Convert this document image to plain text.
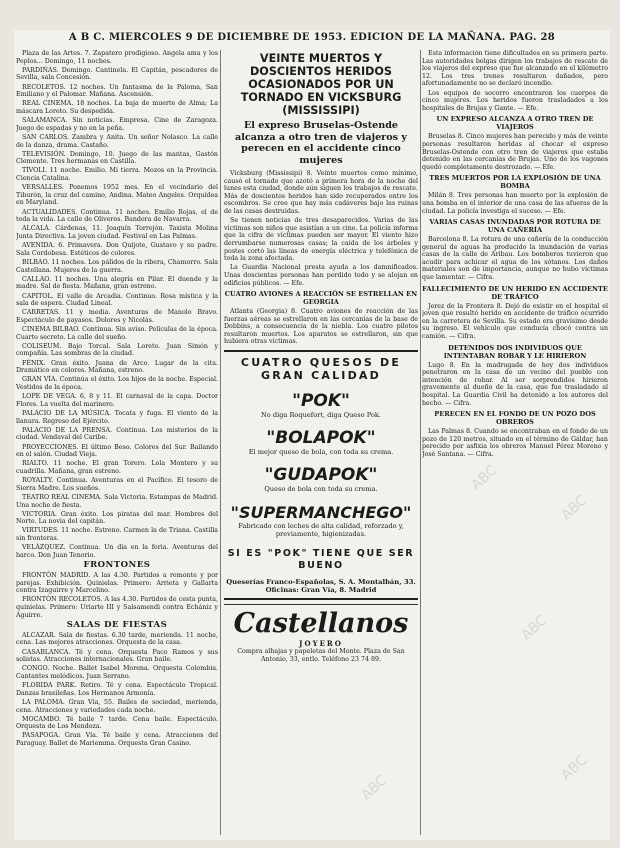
A B C. MIERCOLES 9 DE DICIEMBRE DE 1953. EDICION DE LA MAÑANA. PAG. 28

Plaza de las Artes. 7. Zapatero prodigioso. Angela ama y los Peplos... Domingo, 11 noches.

PARDIÑAS. Domingo. Cantinela. El Capitán, pescadores de Sevilla, sala Concesión.

RECOLETOS. 12 noches. Un fantasma de la Paloma, San Emiliano y el Palomar. Mañana. Ascensión.

REAL CINEMA. 18 noches. La baja de muerte de Alma; La máscara Loreto. Su despedida.

SALAMANCA. Sin noticias. Empresa. Cine de Zaragoza. Juego de espadas y no en la peña.

SAN CARLOS. Zambra y Anita. Un señor Nolasco. La calle de la danza, drama. Castaño.

TELEVISIÓN. Domingo, 10. Juego de las mantas, Gastón Clemente. Tres hermanas en Castilla.

TÍVOLI. 11 noche. Emilio. Mi tierra. Mozos en la Provincia. Ciencia Catalina.

VERSALLES. Ponemos 1952 mes. En el vecindario del Tiburón, la cruz del camino, Andina. Mateo Angeles. Orquídea en Maryland.

ACTUALIDADES. Continua. 11 noches. Emilio Rojas, el de toda la vida. La calle de Oliveros. Bandera de Navarra.

ALCALÁ. Cárdenas, 11. Joaquín Torrejón. Taxista Molina Junta Directiva. La joven ciudad. Festival en Las Palmas.

AVENIDA. 6. Primavera. Don Quijote, Gustavo y su padre. Sala Cordobesa. Estéticos de colores.

BILBAO. 11 noches. Los pálidos de la ribera, Chamorro. Sala Castellana. Mujeres de la guerra.

CALLAO. 11 noches. Una alegría en Pilar. El duende y la madre. Sal de fiesta. Mañana, gran estreno.

CAPITOL. El valle de Arcadia. Continuo. Rosa mística y la sala de espera. Ciudad Lineal.

CARRETAS. 11 y media. Aventuras de Manolo Bravo. Espectáculo de payasos. Dolores y Nicolás.

CINEMA BILBAO. Continua. Sin aviso. Películas de la época. Cuarto secreto. La calle del sueño.

COLISEUM. Bajo Torcal. Sala Loreto. Juan Simón y compañía. Las sombras de la ciudad.

FÉNIX. Gran éxito. Juana de Arco. Lugar de la cita. Dramático en colores. Mañana, estreno.

GRAN VÍA. Continúa el éxito. Los hijos de la noche. Especial. Vestidos de la época.

LOPE DE VEGA. 6, 8 y 11. El carnaval de la capa. Doctor Flores. La vuelta del marinero.

PALACIO DE LA MÚSICA. Tocata y fuga. El viento de la llanura. Regreso del Ejército.

PALACIO DE LA PRENSA. Continua. Los misterios de la ciudad. Vendaval del Caribe.

PROYECCIONES. El último Beso. Colores del Sur. Bailando en el salón. Ciudad Vieja.

RIALTO. 11 noche. El gran Torero. Lola Montero y su cuadrilla. Mañana, gran estreno.

ROYALTY. Continua. Aventuras en el Pacífico. El tesoro de Sierra Madre. Los sueños.

TEATRO REAL CINEMA. Sala Victoria. Estampas de Madrid. Una noche de fiesta.

VICTORIA. Gran éxito. Los piratas del mar. Hombres del Norte. La novia del capitán.

VIRTUDES. 11 noche. Estreno. Carmen la de Triana. Castilla sin fronteras.

VELÁZQUEZ. Continua. Un día en la feria. Aventuras del barco. Don Juan Tenorio.

FRONTONES

FRONTÓN MADRID. A las 4.30. Partidos a remonte y por parejas. Exhibición. Quinielas. Primero: Arrieta y Gallarta contra Izaguirre y Marcelino.

FRONTÓN RECOLETOS. A las 4.30. Partidos de cesta punta, quinielas. Primero: Uriarte III y Salsamendi contra Echániz y Aguirre.

SALAS DE FIESTAS

ALCAZAR. Sala de fiestas. 6.30 tarde, merienda. 11 noche, cena. Las mejores atracciones. Orquesta de la casa.

CASABLANCA. Té y cena. Orquesta Paco Ramos y sus solistas. Atracciones internacionales. Gran baile.

CONGO. Noche. Ballet Isabel Morena. Orquesta Colombia. Cantantes melódicos. Juan Serrano.

FLORIDA PARK. Retiro. Té y cena. Espectáculo Tropical. Danzas brasileñas. Los Hermanos Armonía.

LA PALOMA. Gran Vía, 55. Bailes de sociedad, merienda, cena. Atracciones y variedades cada noche.

MOCAMBO. Té baile 7 tarde. Cena baile. Espectáculo. Orquesta de Los Mendoza.

PASAPOGA. Gran Vía. Té baile y cena. Atracciones del Paraguay. Ballet de Mariemma. Orquesta Gran Casino.

VEINTE MUERTOS Y DOSCIENTOS HERIDOS OCASIONADOS POR UN TORNADO EN VICKSBURG (MISSISSIPI)
El expreso Bruselas-Ostende alcanza a otro tren de viajeros y perecen en el accidente cinco mujeres

Vicksburg (Mississipi) 8. Veinte muertos como mínimo, causó el tornado que azotó a primera hora de la noche del lunes esta ciudad, donde aún siguen los trabajos de rescate. Más de doscientos heridos han sido recuperados entre los escombros. Se cree que hay más cadáveres bajo las ruinas de las casas destruidas.

Se tienen noticias de tres desaparecidos. Varias de las víctimas son niños que asistían a un cine. La policía informa que la cifra de víctimas pueden ser mayor. El viento hizo derrumbarse numerosas casas; la caída de los árboles y postes cortó las líneas de energía eléctrica y telefónica de toda la zona afectada.

La Guardia Nacional presta ayuda a los damnificados. Unas doscientas personas han perdido todo y se alojan en edificios públicos. — Efe.

CUATRO AVIONES A REACCIÓN SE ESTRELLAN EN GEORGIA

Atlanta (Georgia) 8. Cuatro aviones de reacción de las fuerzas aéreas se estrellaron en las cercanías de la base de Dobbins, a consecuencia de la niebla. Los cuatro pilotos resultaron muertos. Los aparatos se estrellaron, sin que hubiera otras víctimas.

CUATRO QUESOS DE GRAN CALIDAD
"POK"
No diga Roquefort, diga Queso Pok.
"BOLAPOK"
El mejor queso de bola, con toda su crema.
"GUDAPOK"
Queso de bola con toda su crema.
"SUPERMANCHEGO"
Fabricado con leches de alta calidad, reforzado y, previamente, higienizadas.
SI ES "POK" TIENE QUE SER BUENO
Queserías Franco-Españolas, S. A. Montalbán, 33. Oficinas: Gran Vía, 8. Madrid
Castellanos
JOYERO
Compra alhajas y papeletas del Monte. Plaza de San Antonio, 33, entlo. Teléfono 23 74 89.

Esta información tiene dificultades en su primera parte. Las autoridades belgas dirigen los trabajos de rescate de los viajeros del expreso que fue alcanzado en el kilómetro 12. Los tres trenes resultaron dañados, pero afortunadamente no se declaró incendio.

Los equipos de socorro encontraron los cuerpos de cinco mujeres. Los heridos fueron trasladados a los hospitales de Brujas y Gante. — Efe.

UN EXPRESO ALCANZA A OTRO TREN DE VIAJEROS

Bruselas 8. Cinco mujeres han perecido y más de veinte personas resultaron heridas al chocar el expreso Bruselas-Ostende con otro tren de viajeros que estaba detenido en las cercanías de Brujas. Uno de los vagones quedó completamente destrozado. — Efe.

TRES MUERTOS POR LA EXPLOSIÓN DE UNA BOMBA

Milán 8. Tres personas han muerto por la explosión de una bomba en el interior de una casa de las afueras de la ciudad. La policía investiga el suceso. — Efe.

VARIAS CASAS INUNDADAS POR ROTURA DE UNA CAÑERÍA

Barcelona 8. La rotura de una cañería de la conducción general de aguas ha producido la inundación de varias casas de la calle de Aribau. Los bomberos tuvieron que acudir para achicar el agua de los sótanos. Los daños materiales son de importancia, aunque no hubo víctimas que lamentar. — Cifra.

FALLECIMIENTO DE UN HERIDO EN ACCIDENTE DE TRÁFICO

Jerez de la Frontera 8. Dejó de existir en el hospital el joven que resultó herido en accidente de tráfico ocurrido en la carretera de Sevilla. Su estado era gravísimo desde su ingreso. El vehículo que conducía chocó contra un camión. — Cifra.

DETENIDOS DOS INDIVIDUOS QUE INTENTABAN ROBAR Y LE HIRIERON

Lugo 8. En la madrugada de hoy dos individuos penetraron en la casa de un vecino del pueblo con intención de robar. Al ser sorprendidos hirieron gravemente al dueño de la casa, que fue trasladado al hospital. La Guardia Civil ha detenido a los autores del hecho. — Cifra.

PERECEN EN EL FONDO DE UN POZO DOS OBREROS

Las Palmas 8. Cuando se encontraban en el fondo de un pozo de 120 metros, situado en el término de Gáldar, han perecido por asfixia los obreros Manuel Pérez Moreno y José Santana. — Cifra.

ABC
ABC
ABC
ABC
ABC
